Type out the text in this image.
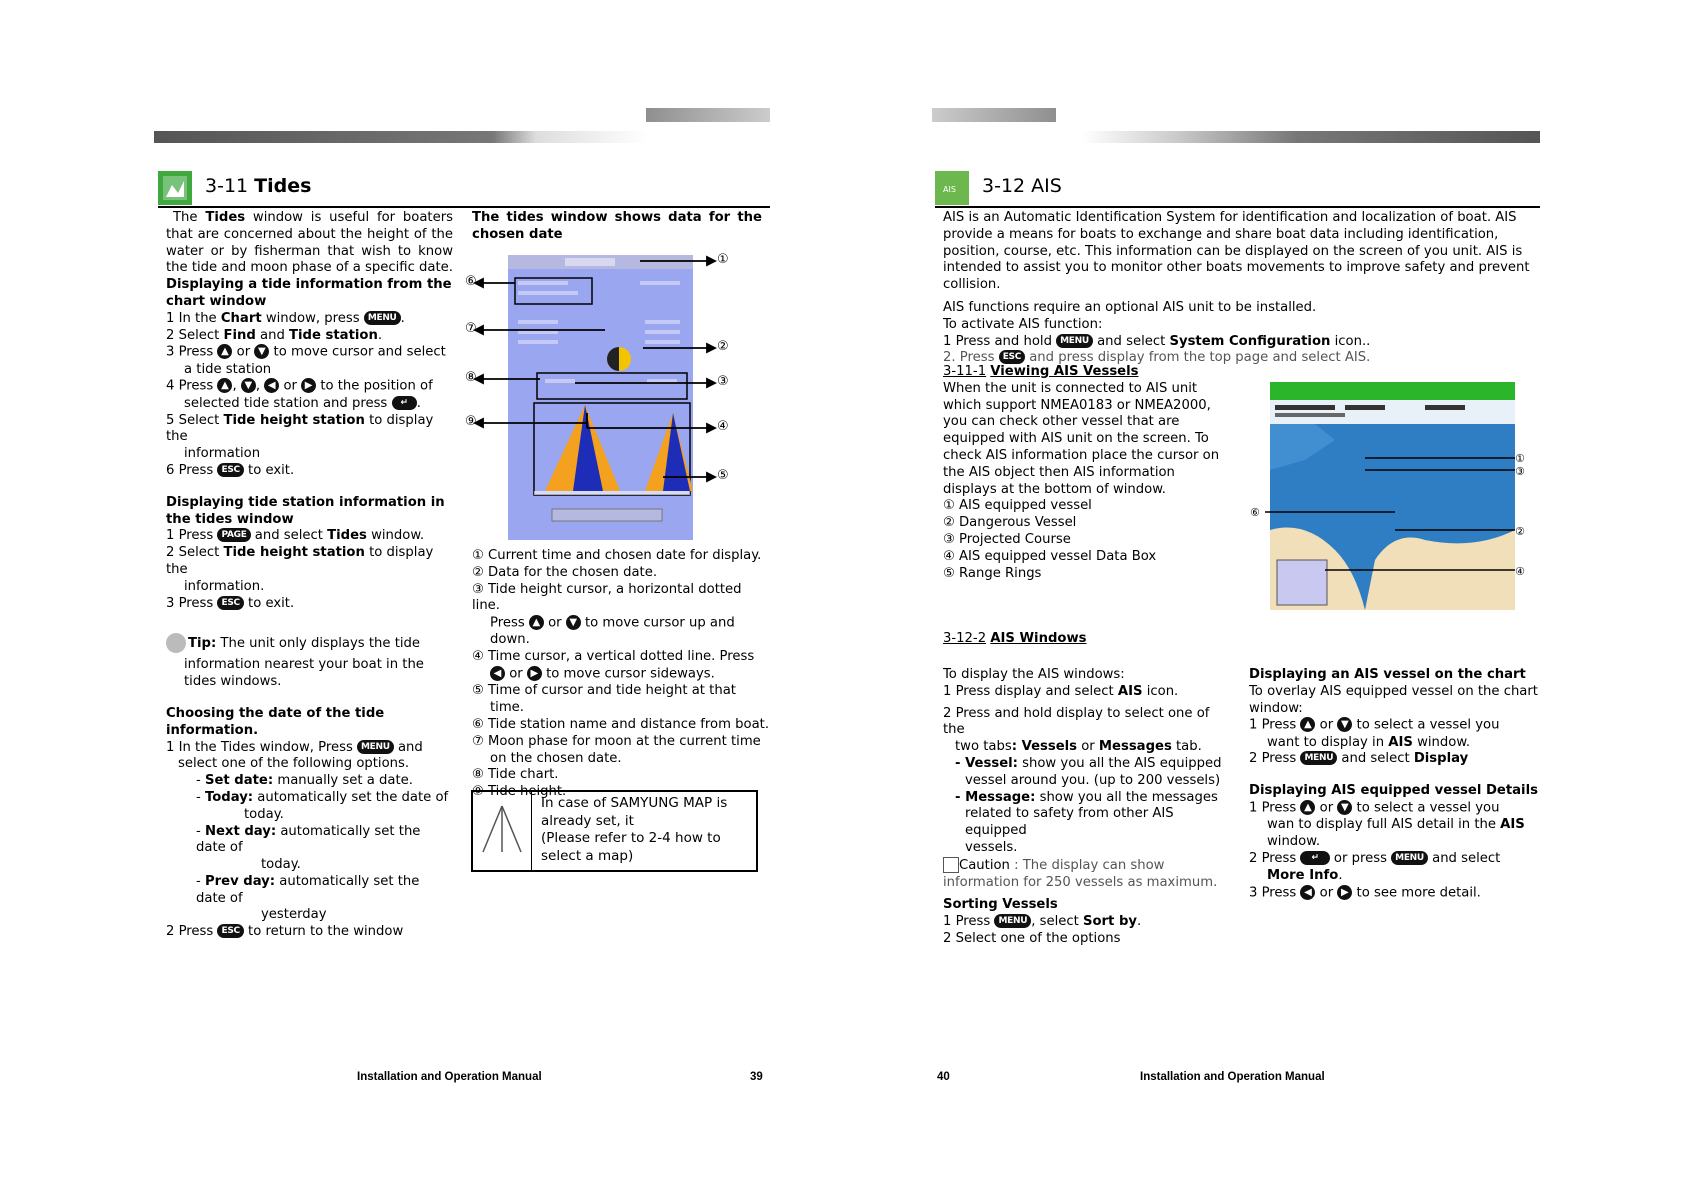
3-11 Tides

The Tides window is useful for boaters that are concerned about the height of the water or by fisherman that wish to know the tide and moon phase of a specific date.

Displaying a tide information from the chart window

1 In the Chart window, press MENU .

2 Select Find and Tide station.

3 Press ▲ or ▼ to move cursor and select

a tide station

4 Press ▲ , ▼ , ◀ or ▶ to the position of

selected tide station and press ↵ .

5 Select Tide height station to display the

information

6 Press ESC to exit.

Displaying tide station information in the tides window

1 Press PAGE and select Tides window.

2 Select Tide height station to display the

information.

3 Press ESC to exit.

Tip: The unit only displays the tide

information nearest your boat in the tides windows.

Choosing the date of the tide information.

1 In the Tides window, Press MENU and

select one of the following options.

- Set date: manually set a date.

- Today: automatically set the date of

today.

- Next day: automatically set the date of

today.

- Prev day: automatically set the date of

yesterday

2 Press ESC to return to the window

The tides window shows data for the chosen date

⑥
⑦
⑧
⑨
①
②
③
④
⑤

① Current time and chosen date for display.

② Data for the chosen date.

③ Tide height cursor, a horizontal dotted line.

Press ▲ or ▼ to move cursor up and

down.

④ Time cursor, a vertical dotted line. Press

◀ or ▶ to move cursor sideways.

⑤ Time of cursor and tide height at that

time.

⑥ Tide station name and distance from boat.

⑦ Moon phase for moon at the current time

on the chosen date.

⑧ Tide chart.

⑨ Tide height.

In case of SAMYUNG MAP is
already set, it
(Please refer to 2-4 how to
select a map)
Installation and Operation Manual	39
AIS 3-12 AIS

AIS is an Automatic Identification System for identification and localization of boat. AIS provide a means for boats to exchange and share boat data including identification, position, course, etc. This information can be displayed on the screen of you unit. AIS is intended to assist you to monitor other boats movements to improve safety and prevent collision.

AIS functions require an optional AIS unit to be installed.

To activate AIS function:

1 Press and hold MENU and select System Configuration icon..

2. Press ESC and press display from the top page and select AIS.

3-11-1 Viewing AIS Vessels

When the unit is connected to AIS unit which support NMEA0183 or NMEA2000, you can check other vessel that are equipped with AIS unit on the screen. To check AIS information place the cursor on the AIS object then AIS information displays at the bottom of window.

① AIS equipped vessel

② Dangerous Vessel

③ Projected Course

④ AIS equipped vessel Data Box

⑤ Range Rings

①
③
⑥
②
④

3-12-2 AIS Windows

To display the AIS windows:

1 Press display and select AIS icon.

2 Press and hold display to select one of the

two tabs: Vessels or Messages tab.

- Vessel: show you all the AIS equipped

vessel around you. (up to 200 vessels)

- Message: show you all the messages

related to safety from other AIS equipped

vessels.

Caution : The display can show

information for 250 vessels as maximum.

Sorting Vessels

1 Press MENU , select Sort by.

2 Select one of the options

Displaying an AIS vessel on the chart

To overlay AIS equipped vessel on the chart window:

1 Press ▲ or ▼ to select a vessel you

want to display in AIS window.

2 Press MENU and select Display

Displaying AIS equipped vessel Details

1 Press ▲ or ▼ to select a vessel you

wan to display full AIS detail in the AIS

window.

2 Press ↵ or press MENU and select

More Info.

3 Press ◀ or ▶ to see more detail.

40	Installation and Operation Manual
